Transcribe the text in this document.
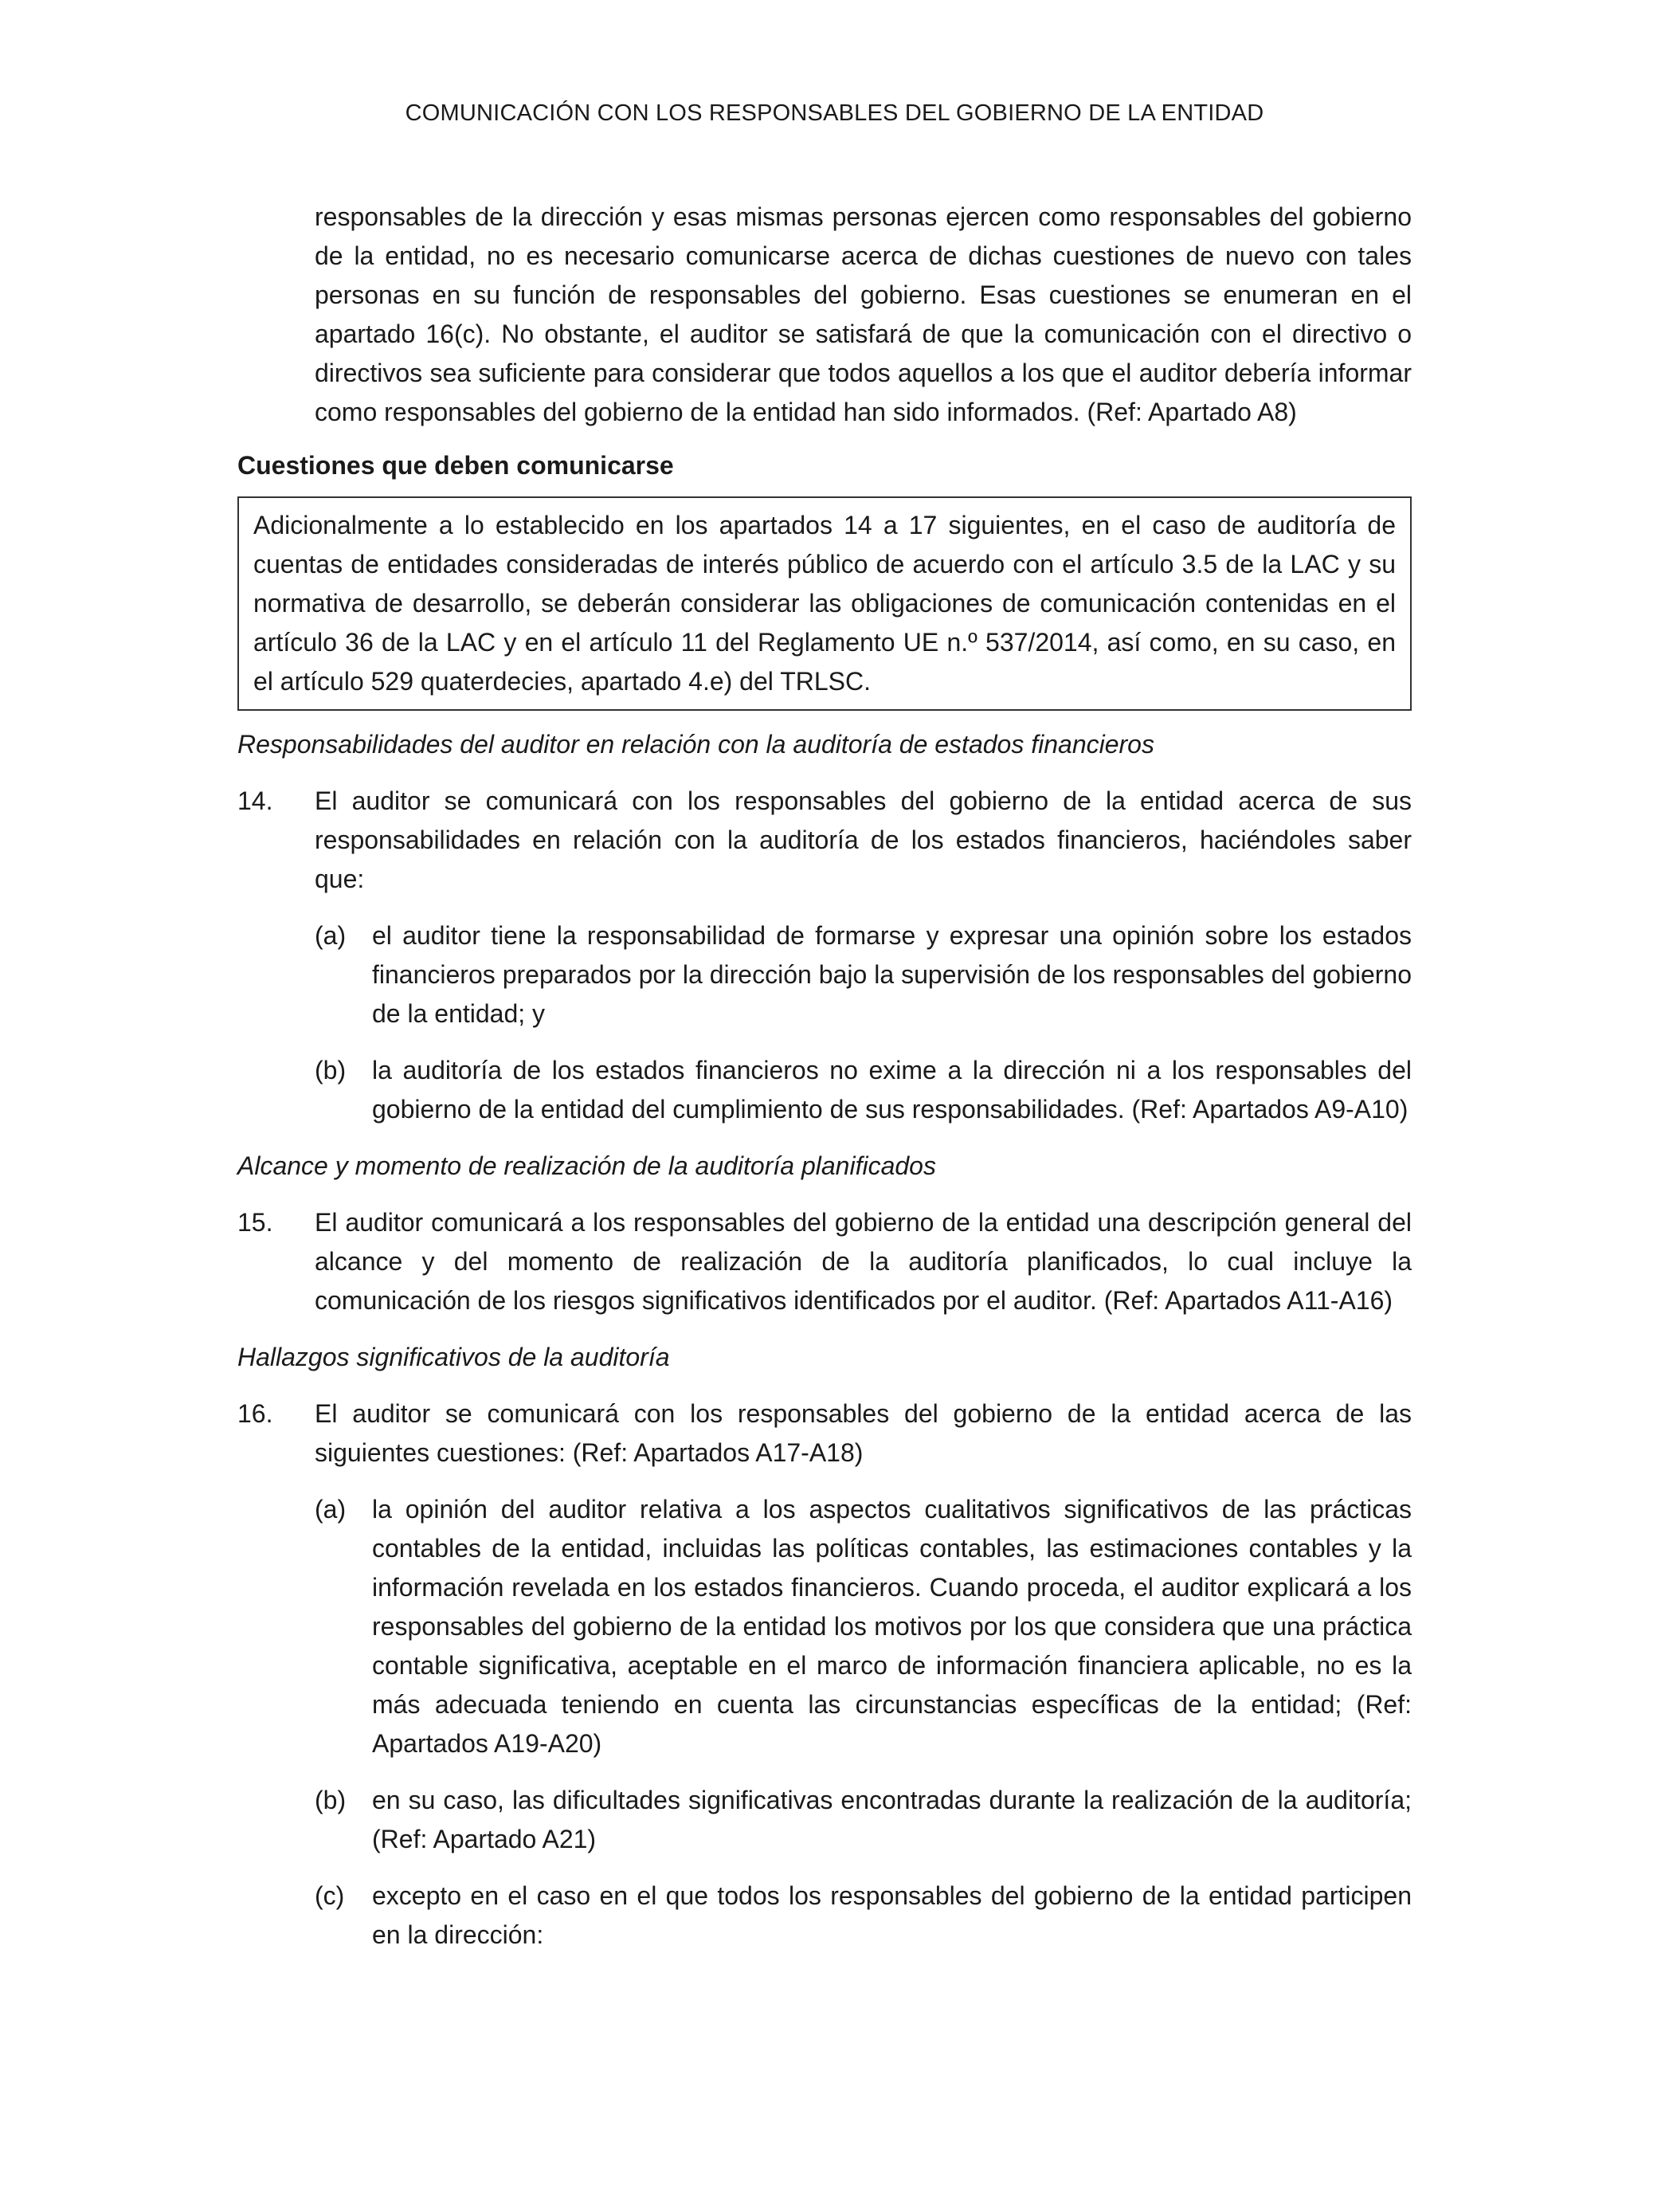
COMUNICACIÓN CON LOS RESPONSABLES DEL GOBIERNO DE LA ENTIDAD

responsables de la dirección y esas mismas personas ejercen como responsables del gobierno de la entidad, no es necesario comunicarse acerca de dichas cuestiones de nuevo con tales personas en su función de responsables del gobierno. Esas cuestiones se enumeran en el apartado 16(c). No obstante, el auditor se satisfará de que la comunicación con el directivo o directivos sea suficiente para considerar que todos aquellos a los que el auditor debería informar como responsables del gobierno de la entidad han sido informados. (Ref: Apartado A8)

Cuestiones que deben comunicarse
Adicionalmente a lo establecido en los apartados 14 a 17 siguientes, en el caso de auditoría de cuentas de entidades consideradas de interés público de acuerdo con el artículo 3.5 de la LAC y su normativa de desarrollo, se deberán considerar las obligaciones de comunicación contenidas en el artículo 36 de la LAC y en el artículo 11 del Reglamento UE n.º 537/2014, así como, en su caso, en el artículo 529 quaterdecies, apartado 4.e) del TRLSC.
Responsabilidades del auditor en relación con la auditoría de estados financieros
14.	El auditor se comunicará con los responsables del gobierno de la entidad acerca de sus responsabilidades en relación con la auditoría de los estados financieros, haciéndoles saber que:
(a)	el auditor tiene la responsabilidad de formarse y expresar una opinión sobre los estados financieros preparados por la dirección bajo la supervisión de los responsables del gobierno de la entidad; y
(b)	la auditoría de los estados financieros no exime a la dirección ni a los responsables del gobierno de la entidad del cumplimiento de sus responsabilidades. (Ref: Apartados A9-A10)
Alcance y momento de realización de la auditoría planificados
15.	El auditor comunicará a los responsables del gobierno de la entidad una descripción general del alcance y del momento de realización de la auditoría planificados, lo cual incluye la comunicación de los riesgos significativos identificados por el auditor. (Ref: Apartados A11-A16)
Hallazgos significativos de la auditoría
16.	El auditor se comunicará con los responsables del gobierno de la entidad acerca de las siguientes cuestiones: (Ref: Apartados A17-A18)
(a)	la opinión del auditor relativa a los aspectos cualitativos significativos de las prácticas contables de la entidad, incluidas las políticas contables, las estimaciones contables y la información revelada en los estados financieros. Cuando proceda, el auditor explicará a los responsables del gobierno de la entidad los motivos por los que considera que una práctica contable significativa, aceptable en el marco de información financiera aplicable, no es la más adecuada teniendo en cuenta las circunstancias específicas de la entidad; (Ref: Apartados A19-A20)
(b)	en su caso, las dificultades significativas encontradas durante la realización de la auditoría; (Ref: Apartado A21)
(c)	excepto en el caso en el que todos los responsables del gobierno de la entidad participen en la dirección:
